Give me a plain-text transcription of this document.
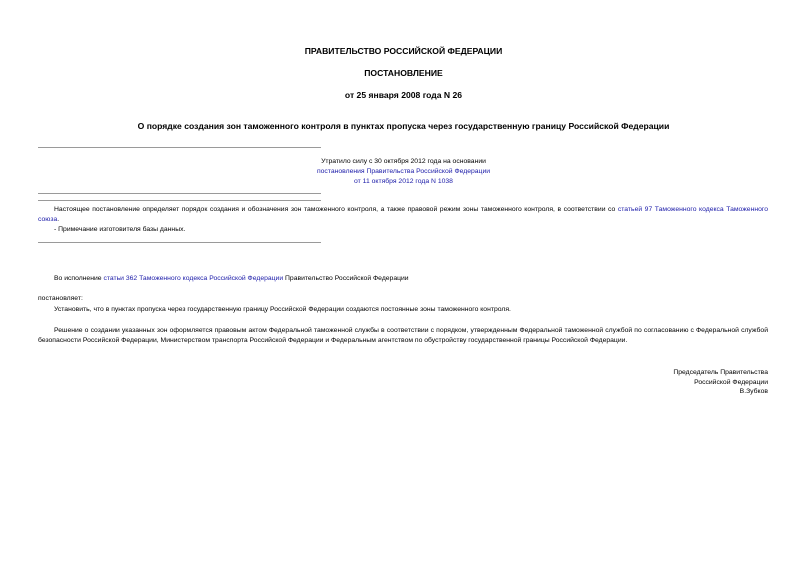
ПРАВИТЕЛЬСТВО РОССИЙСКОЙ ФЕДЕРАЦИИ
ПОСТАНОВЛЕНИЕ
от 25 января 2008 года N 26
О порядке создания зон таможенного контроля в пунктах пропуска через государственную границу Российской Федерации
Утратило силу с 30 октября 2012 года на основании
постановления Правительства Российской Федерации
от 11 октября 2012 года N 1038
Настоящее постановление определяет порядок создания и обозначения зон таможенного контроля, а также правовой режим зоны таможенного контроля, в соответствии со статьей 97 Таможенного кодекса Таможенного союза.
- Примечание изготовителя базы данных.
Во исполнение статьи 362 Таможенного кодекса Российской Федерации Правительство Российской Федерации
постановляет:
Установить, что в пунктах пропуска через государственную границу Российской Федерации создаются постоянные зоны таможенного контроля.
Решение о создании указанных зон оформляется правовым актом Федеральной таможенной службы в соответствии с порядком, утвержденным Федеральной таможенной службой по согласованию с Федеральной службой безопасности Российской Федерации, Министерством транспорта Российской Федерации и Федеральным агентством по обустройству государственной границы Российской Федерации.
Председатель Правительства
Российской Федерации
В.Зубков
